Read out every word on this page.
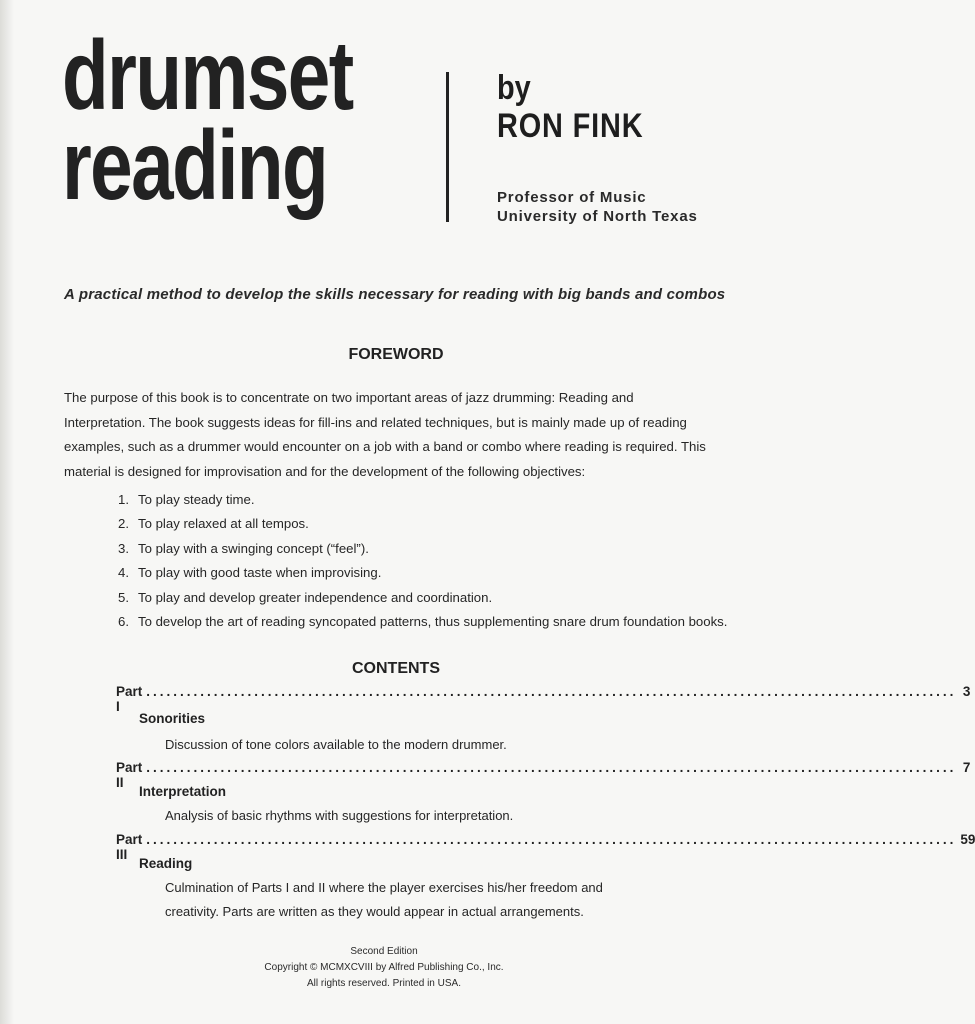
drumset
reading
by
RON FINK
Professor of Music
University of North Texas
A practical method to develop the skills necessary for reading with big bands and combos
FOREWORD
The purpose of this book is to concentrate on two important areas of jazz drumming: Reading and Interpretation. The book suggests ideas for fill-ins and related techniques, but is mainly made up of reading examples, such as a drummer would encounter on a job with a band or combo where reading is required. This material is designed for improvisation and for the development of the following objectives:
1. To play steady time.
2. To play relaxed at all tempos.
3. To play with a swinging concept (“feel”).
4. To play with good taste when improvising.
5. To play and develop greater independence and coordination.
6. To develop the art of reading syncopated patterns, thus supplementing snare drum foundation books.
CONTENTS
Part I
........................................................................................................................ 3
Sonorities
Discussion of tone colors available to the modern drummer.
Part II
........................................................................................................................ 7
Interpretation
Analysis of basic rhythms with suggestions for interpretation.
Part III
........................................................................................................................ 59
Reading
Culmination of Parts I and II where the player exercises his/her freedom and
creativity. Parts are written as they would appear in actual arrangements.
Second Edition
Copyright © MCMXCVIII by Alfred Publishing Co., Inc.
All rights reserved. Printed in USA.
